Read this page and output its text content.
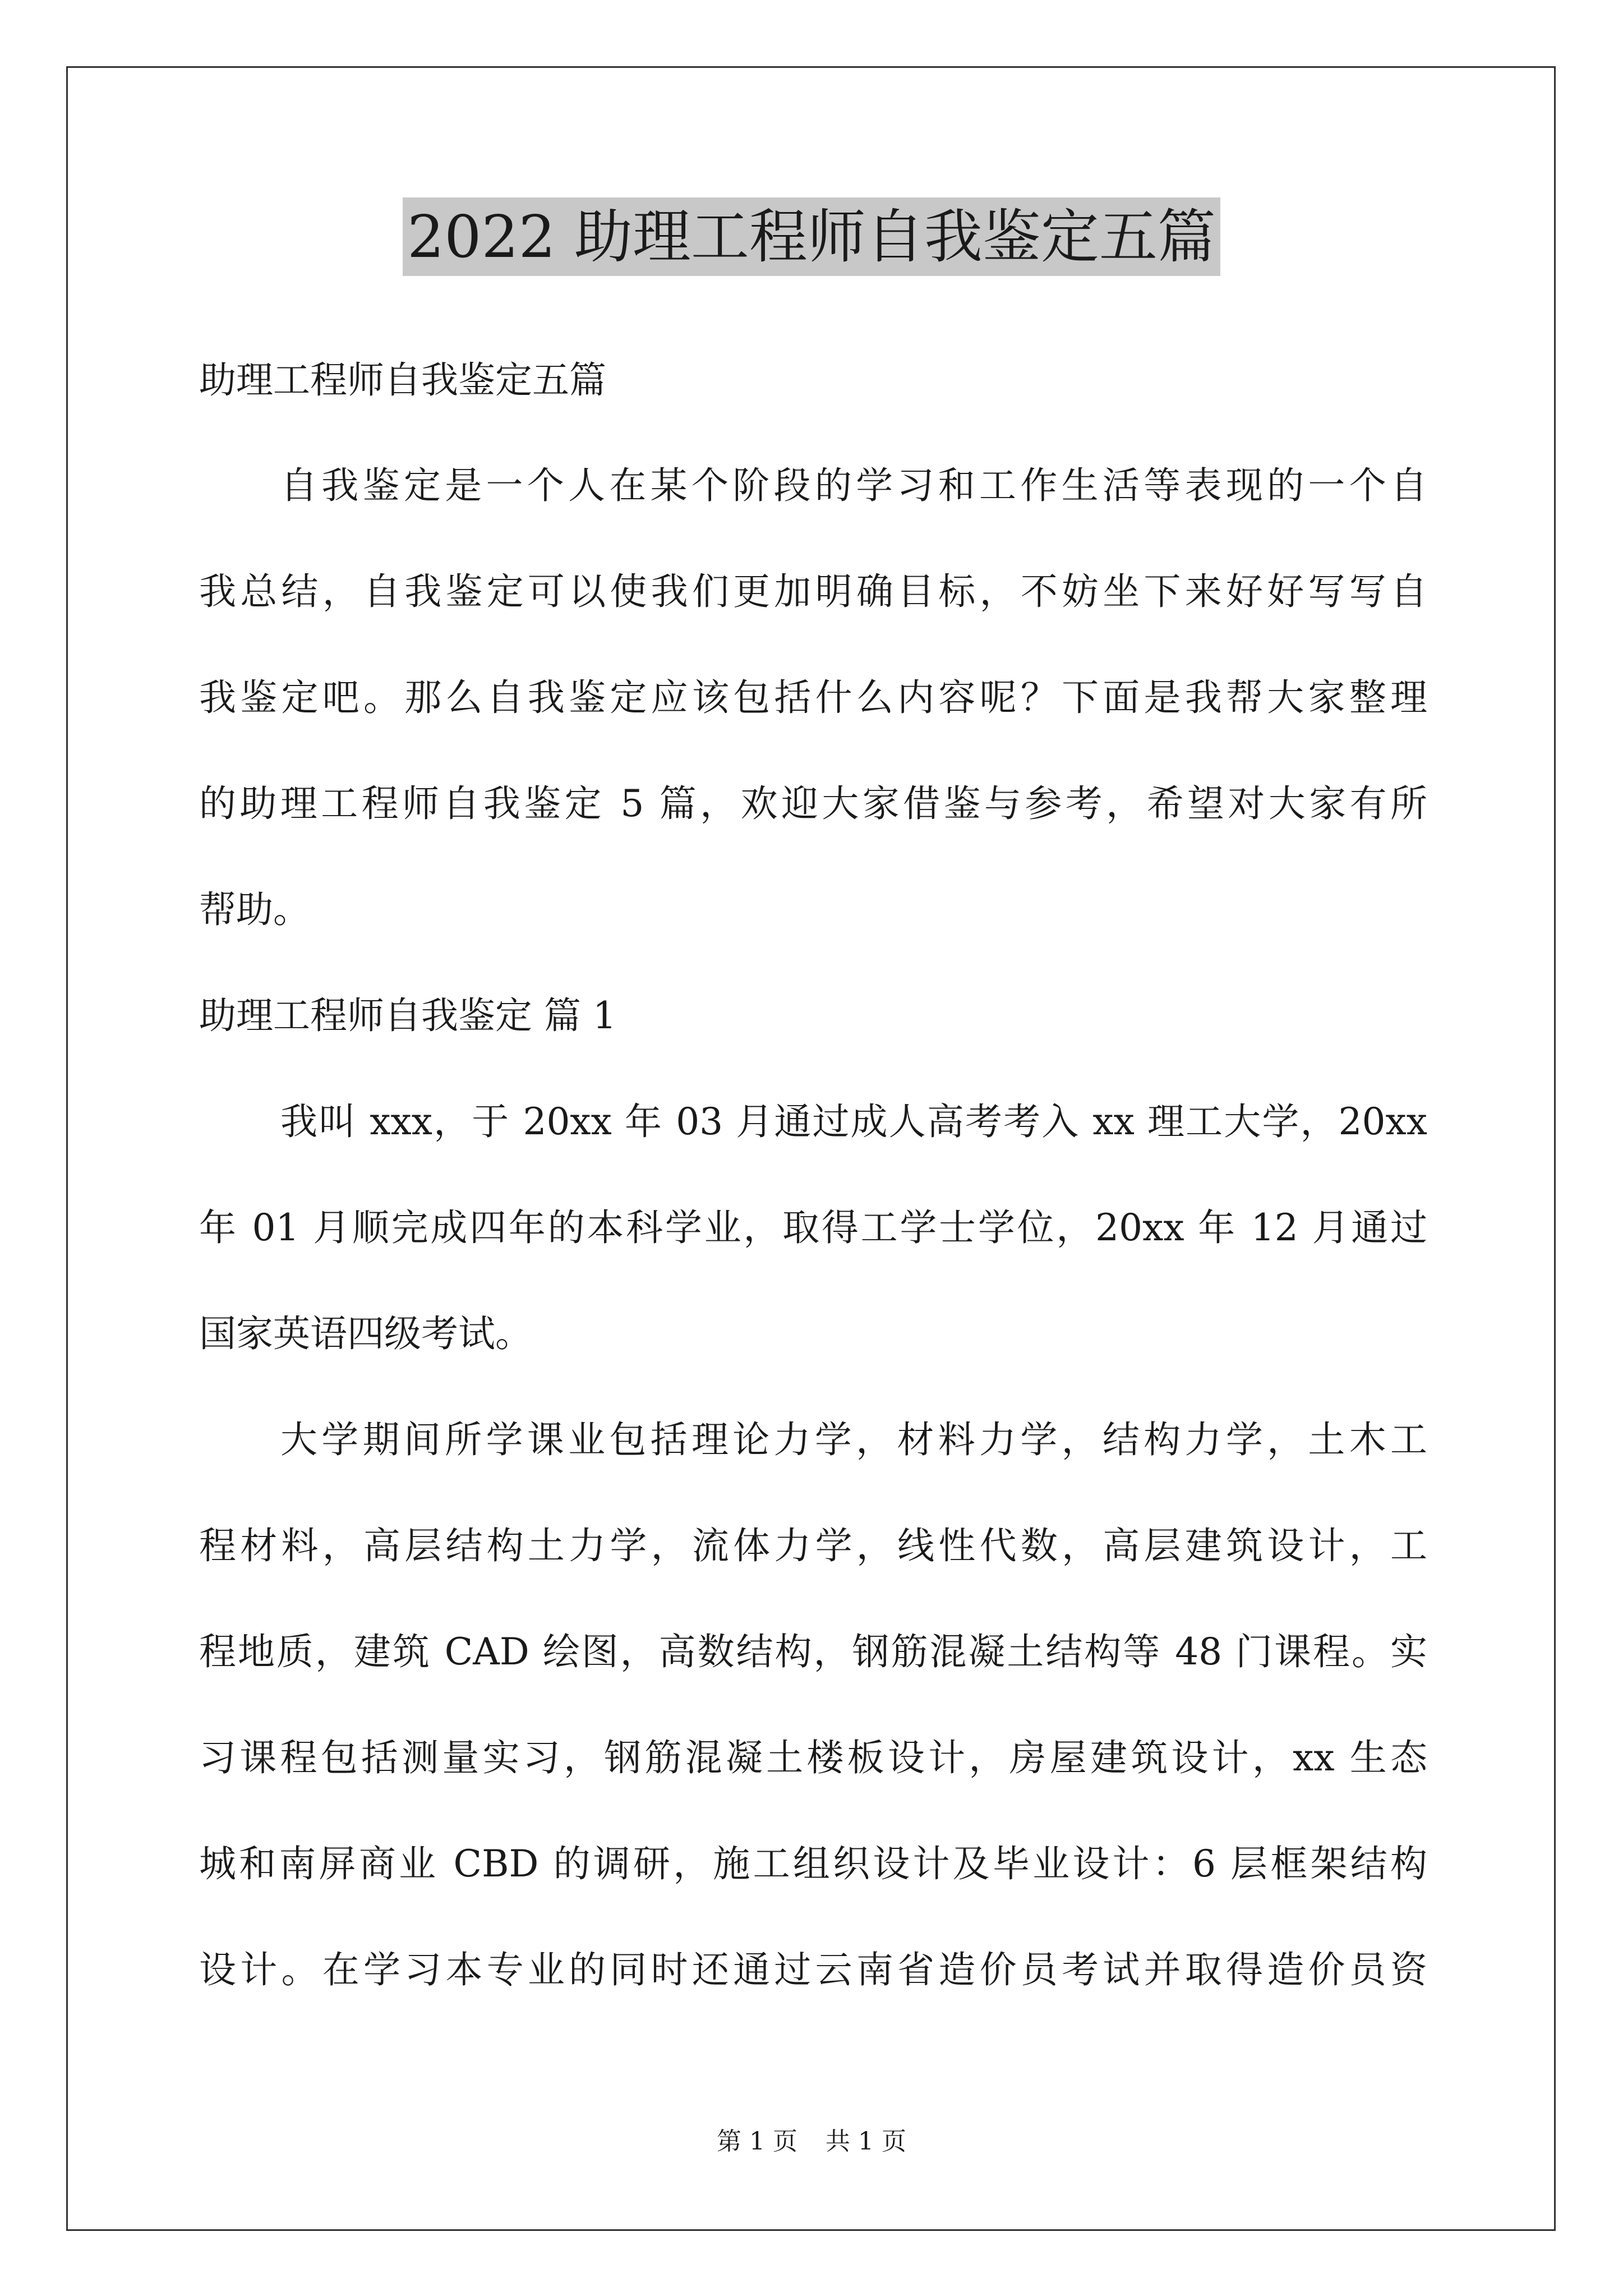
2022 助理工程师自我鉴定五篇
助理工程师自我鉴定五篇
自我鉴定是一个人在某个阶段的学习和工作生活等表现的一个自
我总结，自我鉴定可以使我们更加明确目标，不妨坐下来好好写写自
我鉴定吧。那么自我鉴定应该包括什么内容呢？下面是我帮大家整理
的助理工程师自我鉴定 5 篇，欢迎大家借鉴与参考，希望对大家有所
帮助。
助理工程师自我鉴定 篇 1
我叫 xxx，于 20xx 年 03 月通过成人高考考入 xx 理工大学，20xx
年 01 月顺完成四年的本科学业，取得工学士学位，20xx 年 12 月通过
国家英语四级考试。
大学期间所学课业包括理论力学，材料力学，结构力学，土木工
程材料，高层结构土力学，流体力学，线性代数，高层建筑设计，工
程地质，建筑 CAD 绘图，高数结构，钢筋混凝土结构等 48 门课程。实
习课程包括测量实习，钢筋混凝土楼板设计，房屋建筑设计，xx 生态
城和南屏商业 CBD 的调研，施工组织设计及毕业设计：6 层框架结构
设计。在学习本专业的同时还通过云南省造价员考试并取得造价员资
第 1 页 共 1 页
